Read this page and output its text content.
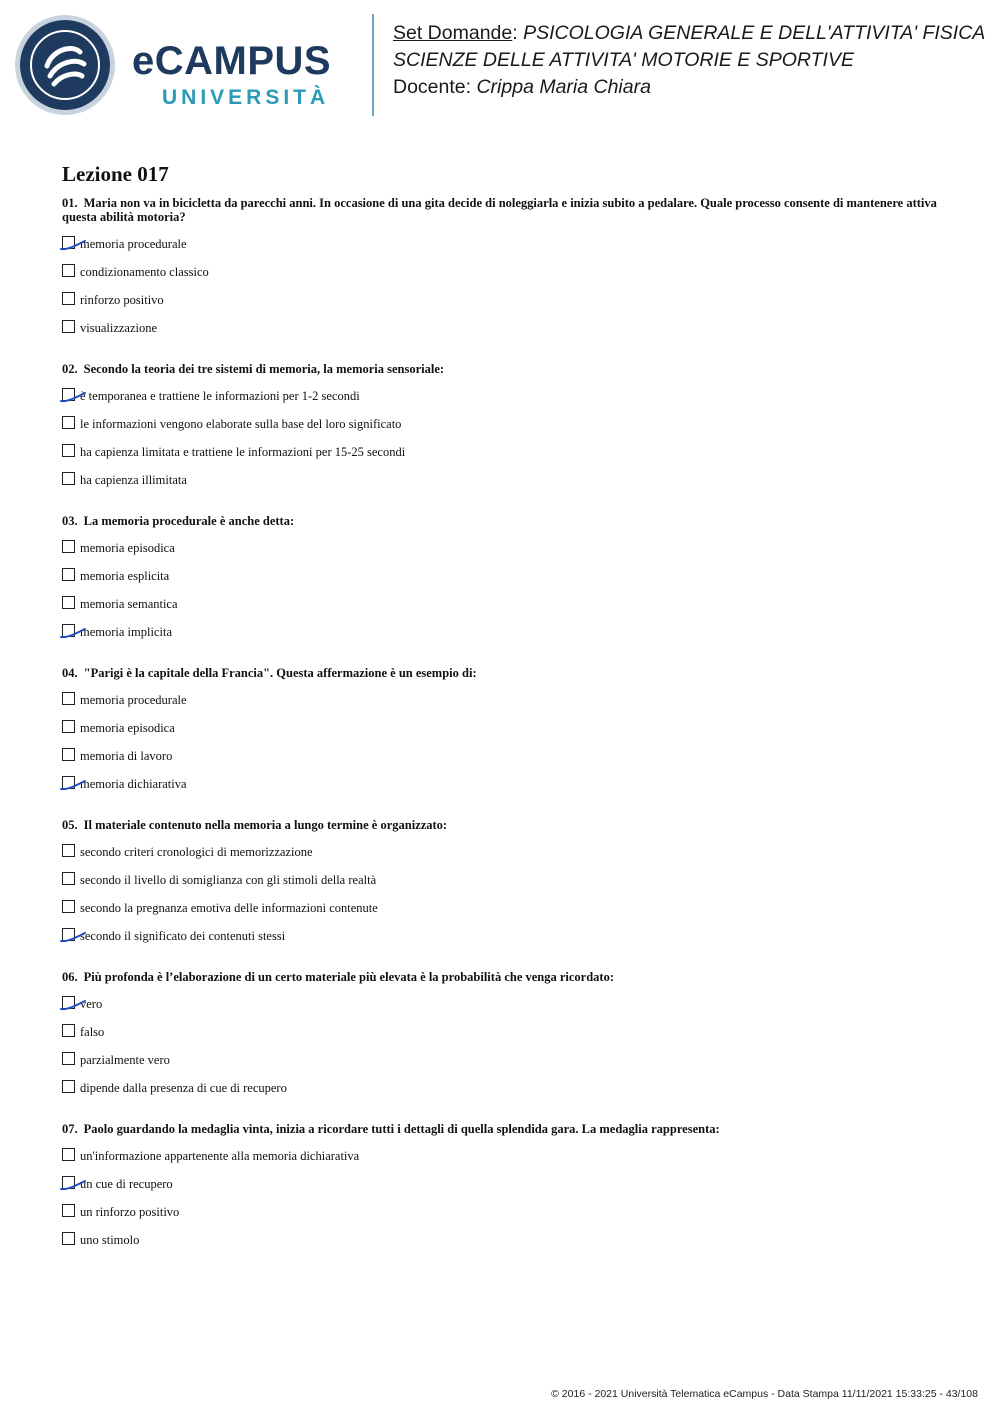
eCAMPUS
UNIVERSITÀ
Set Domande: PSICOLOGIA GENERALE E DELL'ATTIVITA' FISICA
SCIENZE DELLE ATTIVITA' MOTORIE E SPORTIVE
Docente: Crippa Maria Chiara
Lezione 017
01. Maria non va in bicicletta da parecchi anni. In occasione di una gita decide di noleggiarla e inizia subito a pedalare. Quale processo consente di mantenere attiva questa abilità motoria?
memoria procedurale
condizionamento classico
rinforzo positivo
visualizzazione
02. Secondo la teoria dei tre sistemi di memoria, la memoria sensoriale:
è temporanea e trattiene le informazioni per 1-2 secondi
le informazioni vengono elaborate sulla base del loro significato
ha capienza limitata e trattiene le informazioni per 15-25 secondi
ha capienza illimitata
03. La memoria procedurale è anche detta:
memoria episodica
memoria esplicita
memoria semantica
memoria implicita
04. "Parigi è la capitale della Francia". Questa affermazione è un esempio di:
memoria procedurale
memoria episodica
memoria di lavoro
memoria dichiarativa
05. Il materiale contenuto nella memoria a lungo termine è organizzato:
secondo criteri cronologici di memorizzazione
secondo il livello di somiglianza con gli stimoli della realtà
secondo la pregnanza emotiva delle informazioni contenute
secondo il significato dei contenuti stessi
06. Più profonda è l’elaborazione di un certo materiale più elevata è la probabilità che venga ricordato:
vero
falso
parzialmente vero
dipende dalla presenza di cue di recupero
07. Paolo guardando la medaglia vinta, inizia a ricordare tutti i dettagli di quella splendida gara. La medaglia rappresenta:
un'informazione appartenente alla memoria dichiarativa
un cue di recupero
un rinforzo positivo
uno stimolo
© 2016 - 2021 Università Telematica eCampus - Data Stampa 11/11/2021 15:33:25 - 43/108
